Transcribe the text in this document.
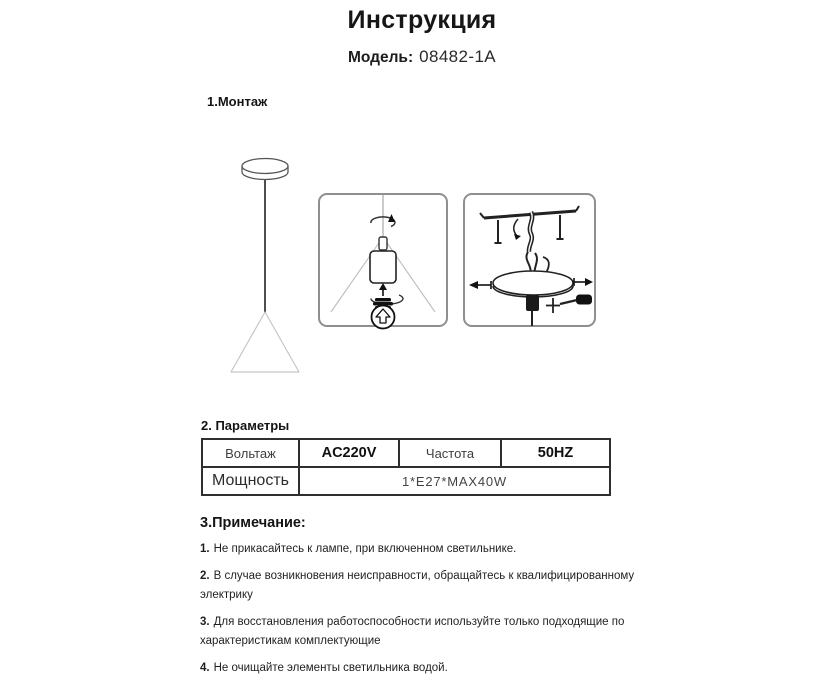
Инструкция
Модель: 08482-1A
1.Монтаж
2. Параметры
Вольтаж	AC220V	Частота	50HZ
Мощность	1*E27*MAX40W		
3.Примечание:

1. Не прикасайтесь к лампе, при включенном светильнике.

2. В случае возникновения неисправности, обращайтесь к квалифицированному электрику

3. Для восстановления работоспособности используйте только подходящие по характеристикам комплектующие

4. Не очищайте элементы светильника водой.
